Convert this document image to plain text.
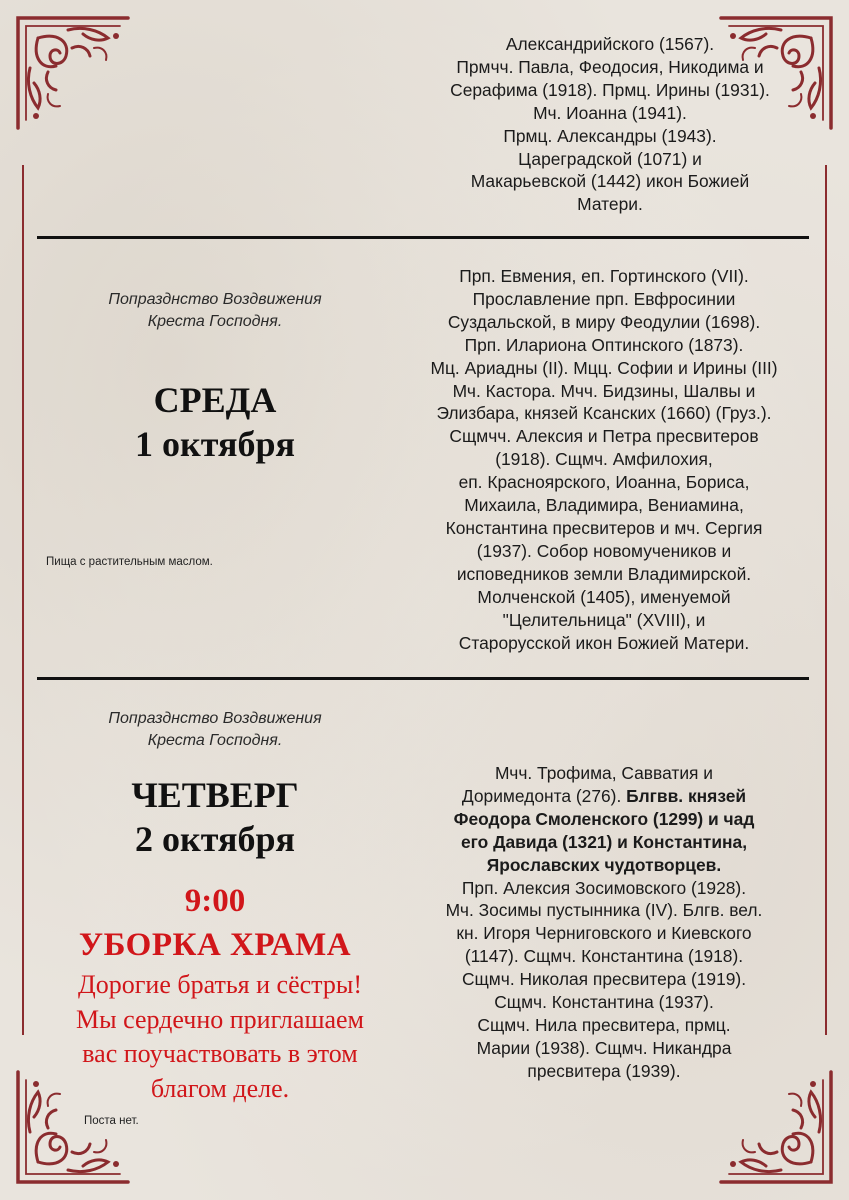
Александрийского (1567).
Прмчч. Павла, Феодосия, Никодима и
Серафима (1918). Прмц. Ирины (1931).
Мч. Иоанна (1941).
Прмц. Александры (1943).
Цареградской (1071) и
Макарьевской (1442) икон Божией
Матери.
Попразднство Воздвижения
Креста Господня.
СРЕДА
1 октября
Пища с растительным маслом.
Прп. Евмения, еп. Гортинского (VII).
Прославление прп. Евфросинии
Суздальской, в миру Феодулии (1698).
Прп. Илариона Оптинского (1873).
Мц. Ариадны (II). Мцц. Софии и Ирины (III)
Мч. Кастора. Мчч. Бидзины, Шалвы и
Элизбара, князей Ксанских (1660) (Груз.).
Сщмчч. Алексия и Петра пресвитеров
(1918). Сщмч. Амфилохия,
еп. Красноярского, Иоанна, Бориса,
Михаила, Владимира, Вениамина,
Константина пресвитеров и мч. Сергия
(1937). Собор новомучеников и
исповедников земли Владимирской.
Молченской (1405), именуемой
"Целительница" (XVIII), и
Старорусской икон Божией Матери.
Попразднство Воздвижения
Креста Господня.
ЧЕТВЕРГ
2 октября
9:00
УБОРКА ХРАМА
Дорогие братья и сёстры!
Мы сердечно приглашаем
вас поучаствовать в этом
благом деле.
Поста нет.
Мчч. Трофима, Савватия и
Доримедонта (276). Блгвв. князей
Феодора Смоленского (1299) и чад
его Давида (1321) и Константина,
Ярославских чудотворцев.
Прп. Алексия Зосимовского (1928).
Мч. Зосимы пустынника (IV). Блгв. вел.
кн. Игоря Черниговского и Киевского
(1147). Сщмч. Константина (1918).
Сщмч. Николая пресвитера (1919).
Сщмч. Константина (1937).
Сщмч. Нила пресвитера, прмц.
Марии (1938). Сщмч. Никандра
пресвитера (1939).
